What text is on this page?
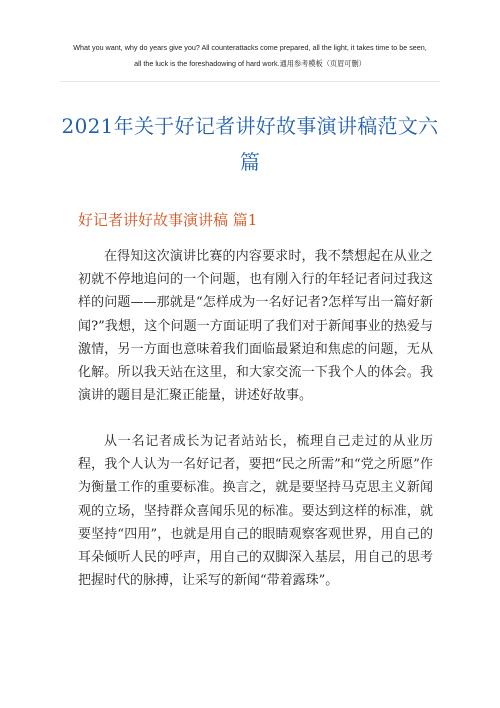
What you want, why do years give you? All counterattacks come prepared, all the light, it takes time to be seen,
all the luck is the foreshadowing of hard work.通用参考模板（页眉可删）
2021年关于好记者讲好故事演讲稿范文六
篇
好记者讲好故事演讲稿 篇1

在得知这次演讲比赛的内容要求时，我不禁想起在从业之初就不停地追问的一个问题，也有刚入行的年轻记者问过我这样的问题——那就是“怎样成为一名好记者?怎样写出一篇好新闻?”我想，这个问题一方面证明了我们对于新闻事业的热爱与激情，另一方面也意味着我们面临最紧迫和焦虑的问题，无从化解。所以我天站在这里，和大家交流一下我个人的体会。我演讲的题目是汇聚正能量，讲述好故事。

从一名记者成长为记者站站长，梳理自己走过的从业历程，我个人认为一名好记者，要把“民之所需”和“党之所愿”作为衡量工作的重要标准。换言之，就是要坚持马克思主义新闻观的立场，坚持群众喜闻乐见的标准。要达到这样的标准，就要坚持“四用”，也就是用自己的眼睛观察客观世界，用自己的耳朵倾听人民的呼声，用自己的双脚深入基层，用自己的思考把握时代的脉搏，让采写的新闻“带着露珠”。
